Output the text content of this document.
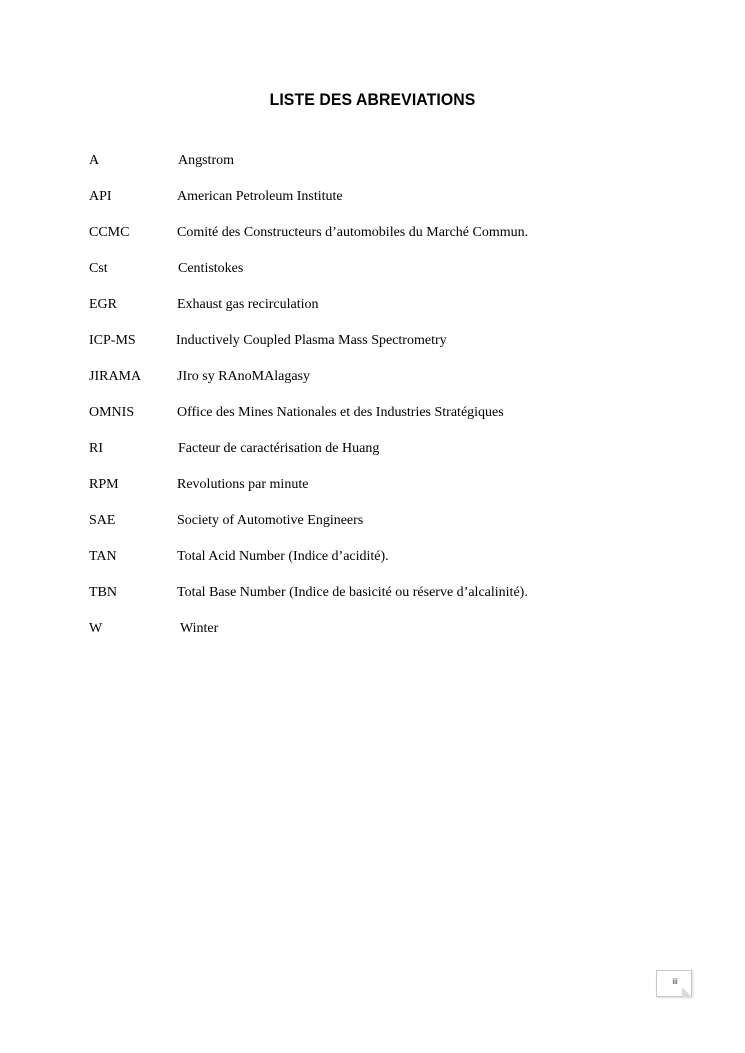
LISTE DES ABREVIATIONS
A	Angstrom
API	American Petroleum Institute
CCMC	Comité des Constructeurs d’automobiles du Marché Commun.
Cst	Centistokes
EGR	Exhaust gas recirculation
ICP-MS	Inductively Coupled Plasma Mass Spectrometry
JIRAMA	JIro sy RAnoMAlagasy
OMNIS	Office des Mines Nationales et des Industries Stratégiques
RI	Facteur de caractérisation de Huang
RPM	Revolutions par minute
SAE	Society of Automotive Engineers
TAN	Total Acid Number (Indice d’acidité).
TBN	Total Base Number (Indice de basicité ou réserve d’alcalinité).
W	Winter
iii
